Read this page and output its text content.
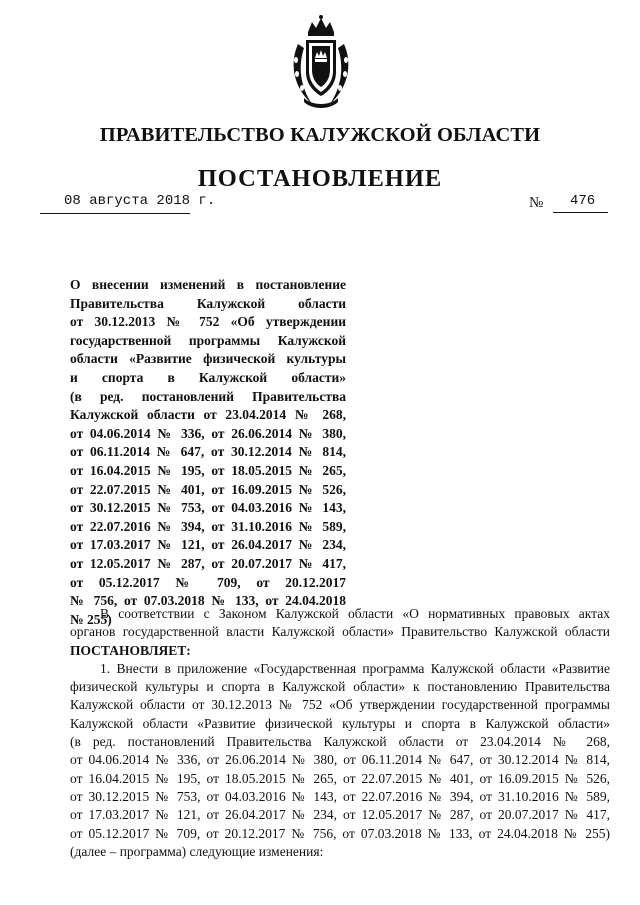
ПРАВИТЕЛЬСТВО КАЛУЖСКОЙ ОБЛАСТИ
ПОСТАНОВЛЕНИЕ
08 августа 2018 г.	№ 476
О внесении изменений в постановление
Правительства Калужской области
от 30.12.2013 № 752 «Об утверждении
государственной программы Калужской
области «Развитие физической культуры
и спорта в Калужской области»
(в ред. постановлений Правительства
Калужской области от 23.04.2014 № 268,
от 04.06.2014 № 336, от 26.06.2014 № 380,
от 06.11.2014 № 647, от 30.12.2014 № 814,
от 16.04.2015 № 195, от 18.05.2015 № 265,
от 22.07.2015 № 401, от 16.09.2015 № 526,
от 30.12.2015 № 753, от 04.03.2016 № 143,
от 22.07.2016 № 394, от 31.10.2016 № 589,
от 17.03.2017 № 121, от 26.04.2017 № 234,
от 12.05.2017 № 287, от 20.07.2017 № 417,
от 05.12.2017 № 709, от 20.12.2017
№ 756, от 07.03.2018 № 133, от 24.04.2018
№ 255)
В соответствии с Законом Калужской области «О нормативных правовых актах
органов государственной власти Калужской области» Правительство Калужской области
ПОСТАНОВЛЯЕТ:
1. Внести в приложение «Государственная программа Калужской области «Развитие
физической культуры и спорта в Калужской области» к постановлению Правительства
Калужской области от 30.12.2013 № 752 «Об утверждении государственной программы
Калужской области «Развитие физической культуры и спорта в Калужской области»
(в ред. постановлений Правительства Калужской области от 23.04.2014 № 268,
от 04.06.2014 № 336, от 26.06.2014 № 380, от 06.11.2014 № 647, от 30.12.2014 № 814,
от 16.04.2015 № 195, от 18.05.2015 № 265, от 22.07.2015 № 401, от 16.09.2015 № 526,
от 30.12.2015 № 753, от 04.03.2016 № 143, от 22.07.2016 № 394, от 31.10.2016 № 589,
от 17.03.2017 № 121, от 26.04.2017 № 234, от 12.05.2017 № 287, от 20.07.2017 № 417,
от 05.12.2017 № 709, от 20.12.2017 № 756, от 07.03.2018 № 133, от 24.04.2018 № 255)
(далее – программа) следующие изменения:
